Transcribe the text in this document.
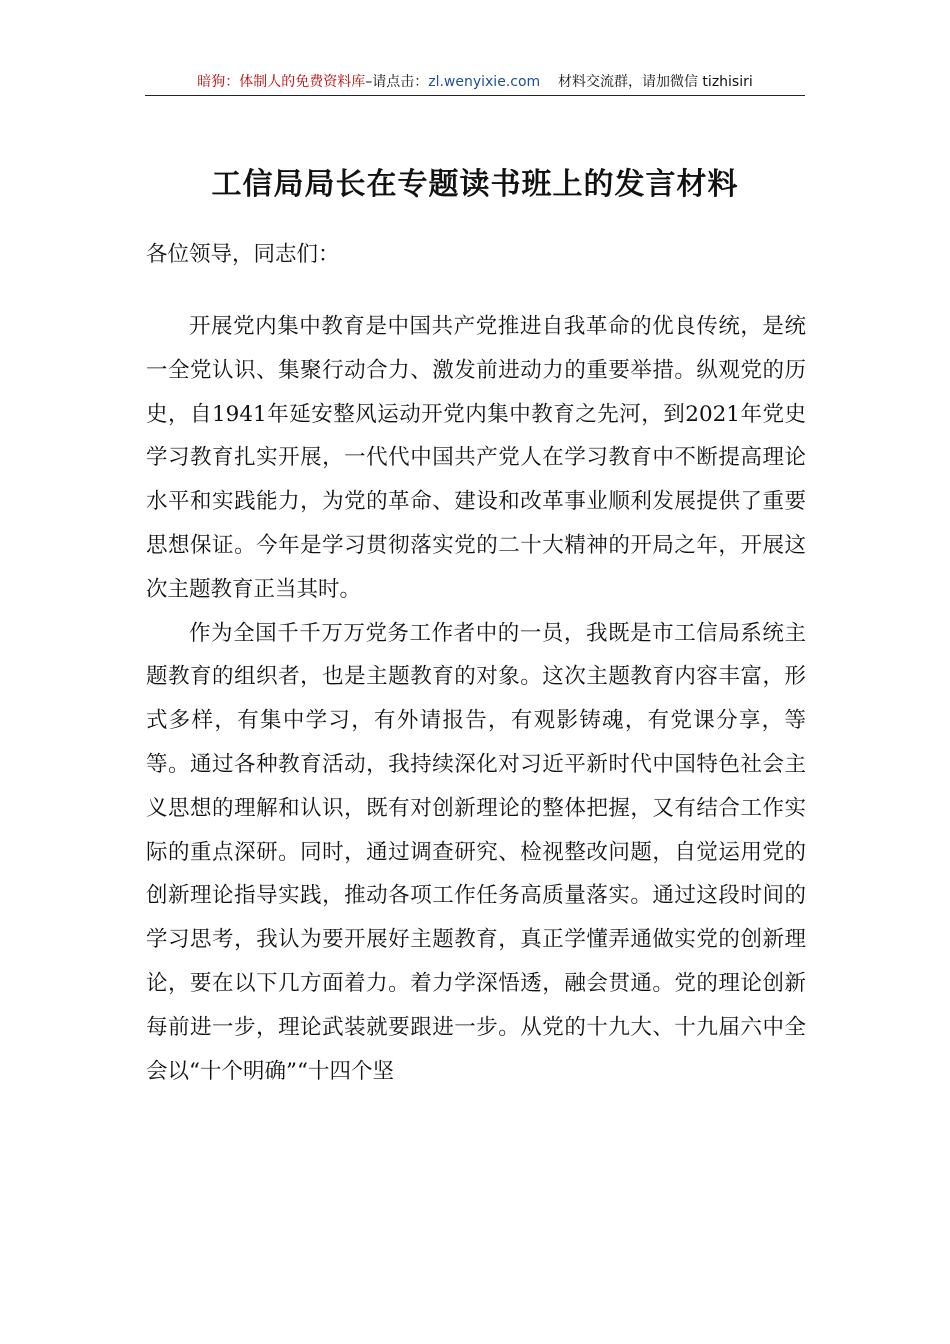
暗狗：体制人的免费资料库–请点击：zl.wenyixie.com 材料交流群，请加微信 tizhisiri
工信局局长在专题读书班上的发言材料
各位领导，同志们：

开展党内集中教育是中国共产党推进自我革命的优良传统，是统一全党认识、集聚行动合力、激发前进动力的重要举措。纵观党的历史，自1941年延安整风运动开党内集中教育之先河，到2021年党史学习教育扎实开展，一代代中国共产党人在学习教育中不断提高理论水平和实践能力，为党的革命、建设和改革事业顺利发展提供了重要思想保证。今年是学习贯彻落实党的二十大精神的开局之年，开展这次主题教育正当其时。

作为全国千千万万党务工作者中的一员，我既是市工信局系统主题教育的组织者，也是主题教育的对象。这次主题教育内容丰富，形式多样，有集中学习，有外请报告，有观影铸魂，有党课分享，等等。通过各种教育活动，我持续深化对习近平新时代中国特色社会主义思想的理解和认识，既有对创新理论的整体把握，又有结合工作实际的重点深研。同时，通过调查研究、检视整改问题，自觉运用党的创新理论指导实践，推动各项工作任务高质量落实。通过这段时间的学习思考，我认为要开展好主题教育，真正学懂弄通做实党的创新理论，要在以下几方面着力。着力学深悟透，融会贯通。党的理论创新每前进一步，理论武装就要跟进一步。从党的十九大、十九届六中全会以“十个明确”“十四个坚
